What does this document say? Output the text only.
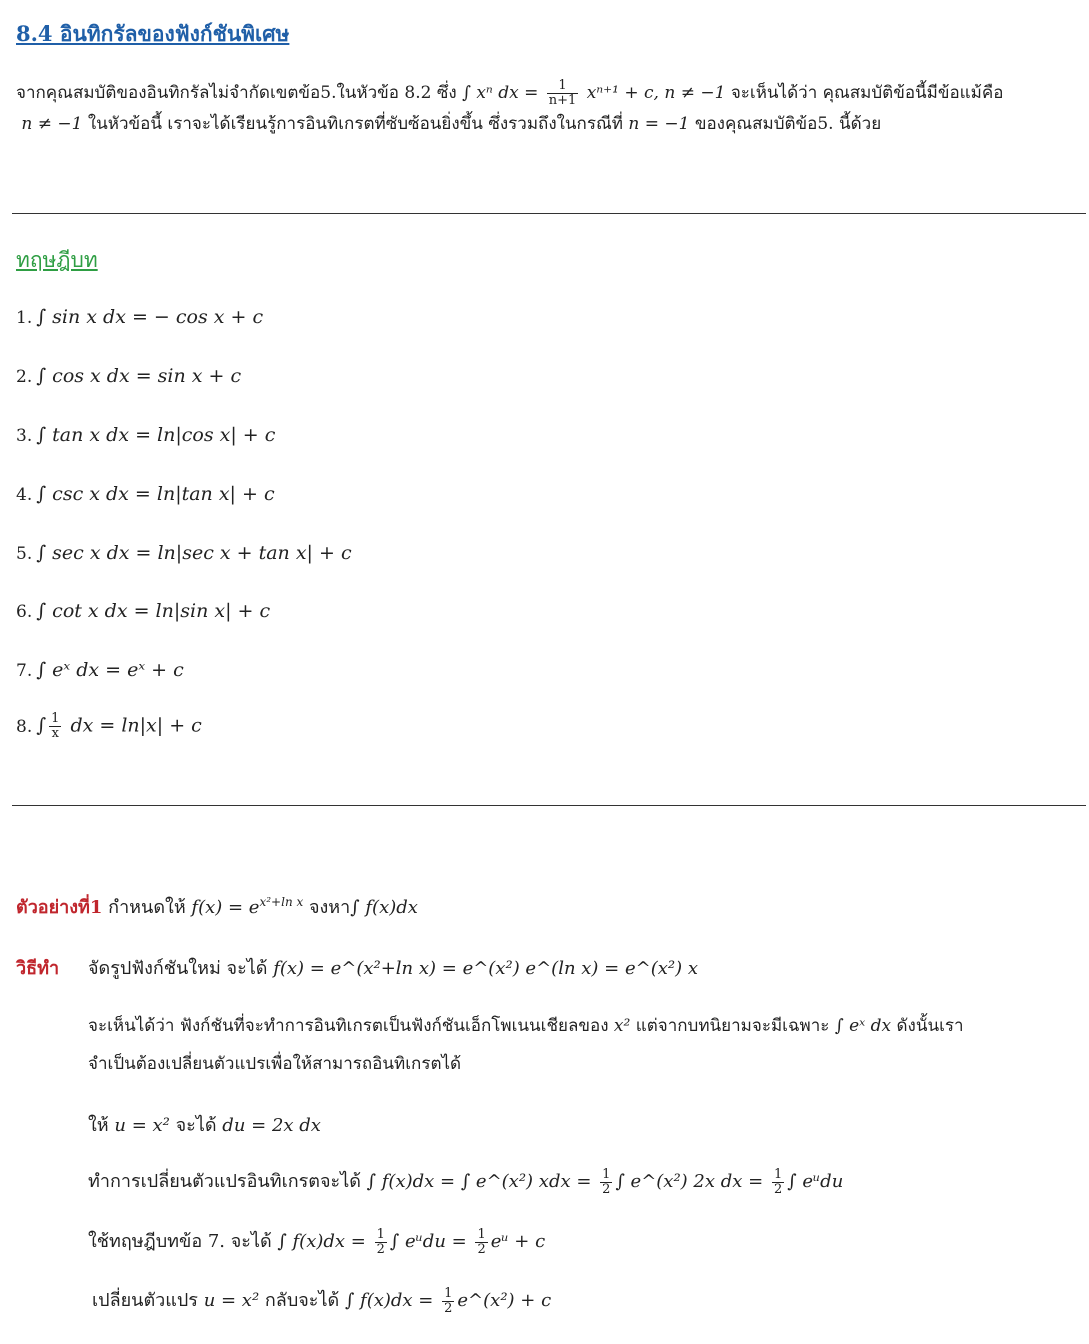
8.4 อินทิกรัลของฟังก์ชันพิเศษ
จากคุณสมบัติของอินทิกรัลไม่จำกัดเขตข้อ5.ในหัวข้อ 8.2 ซึ่ง ∫ xⁿ dx = $\frac{1}{n+1} x^{n+1} + c$, n ≠ −1 จะเห็นได้ว่า คุณสมบัติข้อนี้มีข้อแม้คือ
n ≠ −1 ในหัวข้อนี้ เราจะได้เรียนรู้การอินทิเกรตที่ซับซ้อนยิ่งขึ้น ซึ่งรวมถึงในกรณีที่ n = −1 ของคุณสมบัติข้อ5. นี้ด้วย
ทฤษฎีบท
1. ∫ sin x dx = − cos x + c
2. ∫ cos x dx = sin x + c
3. ∫ tan x dx = ln|cos x| + c
4. ∫ csc x dx = ln|tan x| + c
5. ∫ sec x dx = ln|sec x + tan x| + c
6. ∫ cot x dx = ln|sin x| + c
7. ∫ eˣ dx = eˣ + c
8. ∫ $\frac{1}{x}$ dx = ln|x| + c
ตัวอย่างที่1 กำหนดให้ $f(x) = e^{x^2+ln x}$ จงหา∫ f(x)dx
วิธีทำ จัดรูปฟังก์ชันใหม่ จะได้ f(x) = e^(x²+ln x) = e^(x²) e^(ln x) = e^(x²) x
จะเห็นได้ว่า ฟังก์ชันที่จะทำการอินทิเกรตเป็นฟังก์ชันเอ็กโพเนนเชียลของ x² แต่จากบทนิยามจะมีเฉพาะ ∫ eˣ dx ดังนั้นเรา
จำเป็นต้องเปลี่ยนตัวแปรเพื่อให้สามารถอินทิเกรตได้
ให้ u = x² จะได้ du = 2x dx
ทำการเปลี่ยนตัวแปรอินทิเกรตจะได้ ∫ f(x)dx = ∫ e^(x²) xdx = $\frac{1}{2}$ ∫ e^(x²) 2x dx = $\frac{1}{2}$ ∫ eᵘdu
ใช้ทฤษฎีบทข้อ 7. จะได้ ∫ $f(x)dx = \frac{1}{2}$ ∫ eᵘdu = $\frac{1}{2}$ eᵘ + c
เปลี่ยนตัวแปร u = x² กลับจะได้ ∫ $f(x)dx = \frac{1}{2}$ e^(x²) + c
